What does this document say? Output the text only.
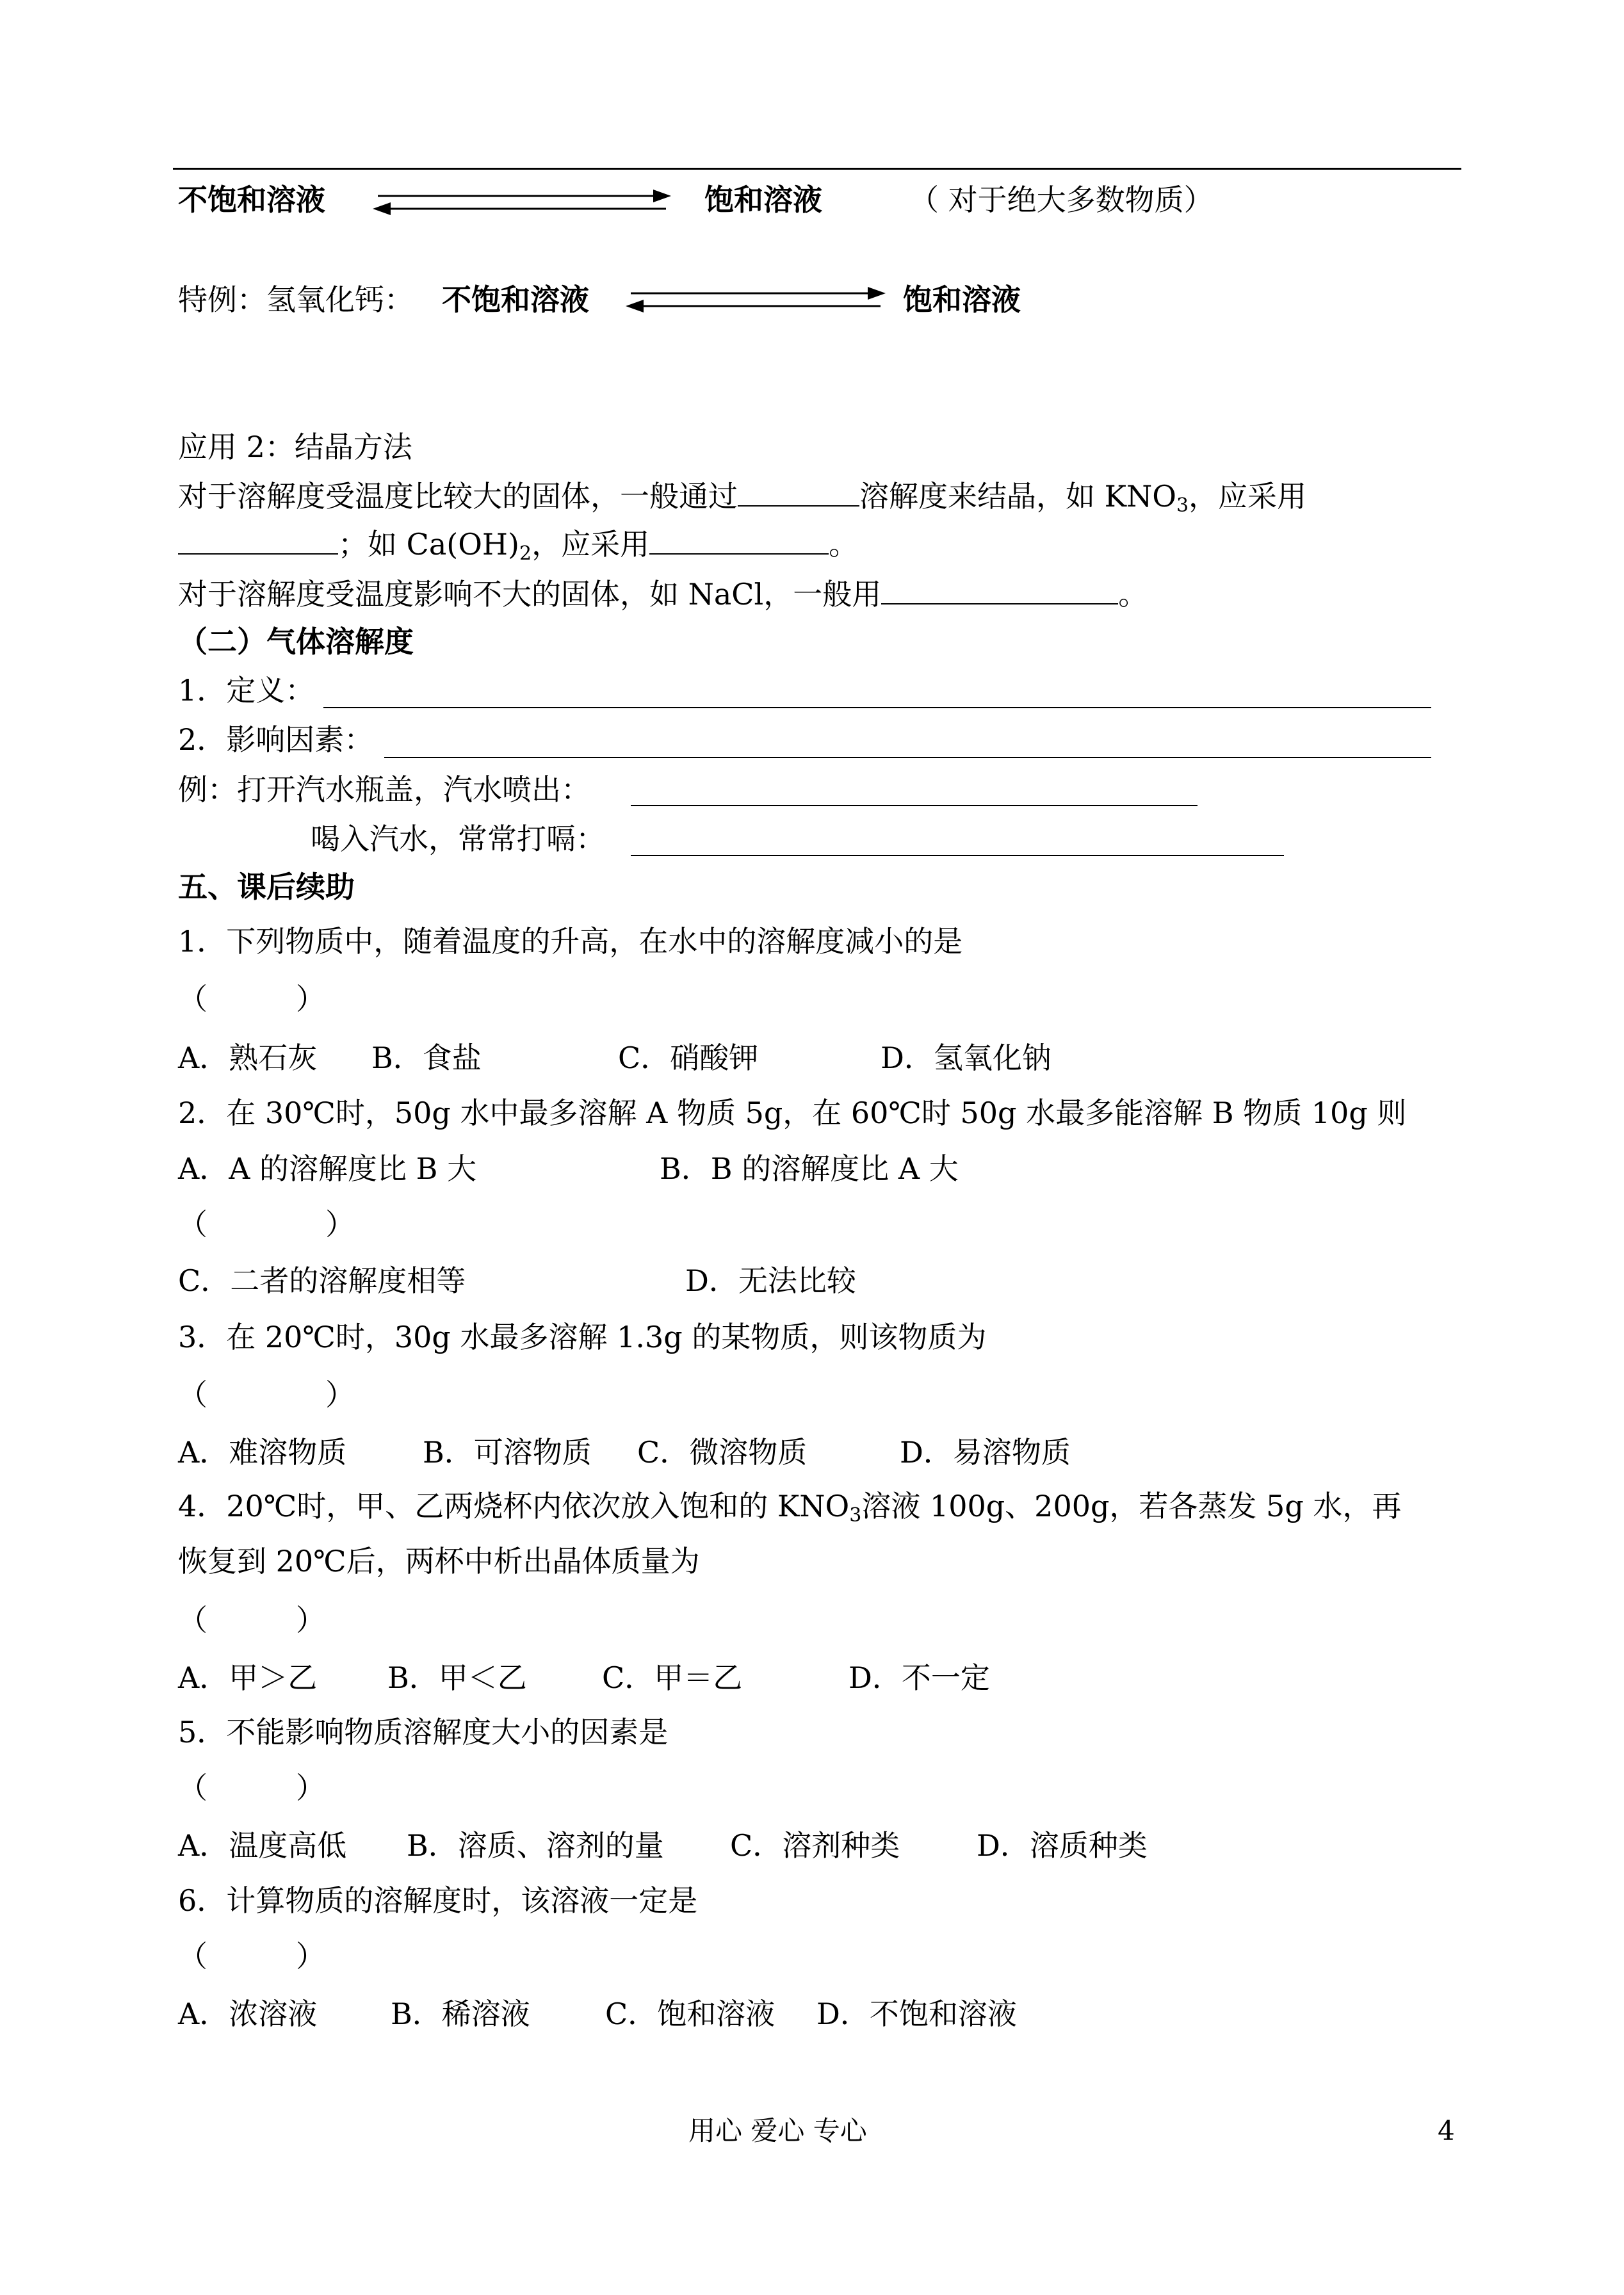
不饱和溶液	饱和溶液	（ 对于绝大多数物质）
特例：氢氧化钙： 不饱和溶液	饱和溶液
应用 2：结晶方法
对于溶解度受温度比较大的固体，一般通过	溶解度来结晶，如 $KNO_3$，应采用
；如 $Ca(OH)_2$，应采用	。
对于溶解度受温度影响不大的固体，如 NaCl，一般用	。
（二）气体溶解度
1．定义：
2．影响因素：
例：打开汽水瓶盖，汽水喷出：
喝入汽水，常常打嗝：
五、课后续助
1．下列物质中，随着温度的升高，在水中的溶解度减小的是
（　　　）
A．熟石灰 B．食盐	C．硝酸钾	D．氢氧化钠
2．在 30℃时，50g 水中最多溶解 A 物质 5g，在 60℃时 50g 水最多能溶解 B 物质 10g 则
A．A 的溶解度比 B 大	B．B 的溶解度比 A 大
（　　　　）
C．二者的溶解度相等	D．无法比较
3．在 20℃时，30g 水最多溶解 1.3g 的某物质，则该物质为
（　　　　）
A．难溶物质	B．可溶物质 C．微溶物质	D．易溶物质
4．20℃时，甲、乙两烧杯内依次放入饱和的 $KNO_3$溶液 100g、200g，若各蒸发 5g 水，再
恢复到 20℃后，两杯中析出晶体质量为
（　　　）
A．甲＞乙 B．甲＜乙	C．甲＝乙	D．不一定
5．不能影响物质溶解度大小的因素是
（　　　）
A．温度高低 B．溶质、溶剂的量 C．溶剂种类	D．溶质种类
6．计算物质的溶解度时，该溶液一定是
（　　　）
A．浓溶液 B．稀溶液	C．饱和溶液 D．不饱和溶液
用心 爱心 专心	4
